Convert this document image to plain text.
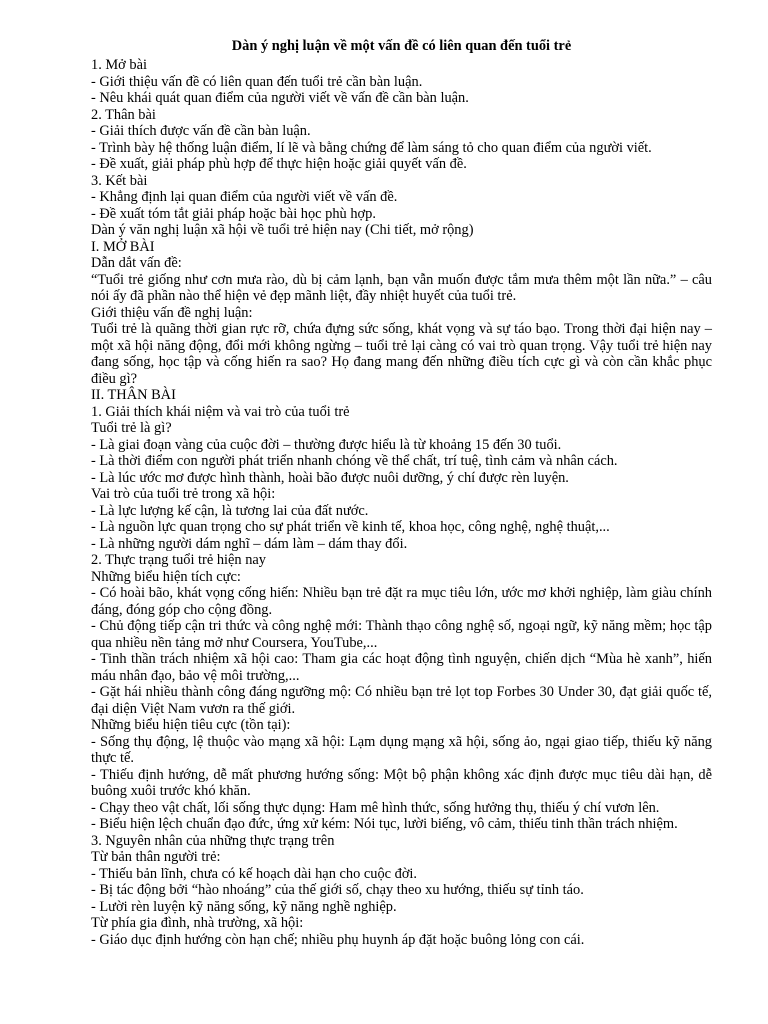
Dàn ý nghị luận về một vấn đề có liên quan đến tuổi trẻ

1. Mở bài

- Giới thiệu vấn đề có liên quan đến tuổi trẻ cần bàn luận.

- Nêu khái quát quan điểm của người viết về vấn đề cần bàn luận.

2. Thân bài

- Giải thích được vấn đề cần bàn luận.

- Trình bày hệ thống luận điểm, lí lẽ và bằng chứng để làm sáng tỏ cho quan điểm của người viết.

- Đề xuất, giải pháp phù hợp để thực hiện hoặc giải quyết vấn đề.

3. Kết bài

- Khẳng định lại quan điểm của người viết về vấn đề.

- Đề xuất tóm tắt giải pháp hoặc bài học phù hợp.

Dàn ý văn nghị luận xã hội về tuổi trẻ hiện nay (Chi tiết, mở rộng)

I. MỞ BÀI

Dẫn dắt vấn đề:

“Tuổi trẻ giống như cơn mưa rào, dù bị cảm lạnh, bạn vẫn muốn được tắm mưa thêm một lần nữa.” – câu nói ấy đã phần nào thể hiện vẻ đẹp mãnh liệt, đầy nhiệt huyết của tuổi trẻ.

Giới thiệu vấn đề nghị luận:

Tuổi trẻ là quãng thời gian rực rỡ, chứa đựng sức sống, khát vọng và sự táo bạo. Trong thời đại hiện nay – một xã hội năng động, đổi mới không ngừng – tuổi trẻ lại càng có vai trò quan trọng. Vậy tuổi trẻ hiện nay đang sống, học tập và cống hiến ra sao? Họ đang mang đến những điều tích cực gì và còn cần khắc phục điều gì?

II. THÂN BÀI

1. Giải thích khái niệm và vai trò của tuổi trẻ

Tuổi trẻ là gì?

- Là giai đoạn vàng của cuộc đời – thường được hiểu là từ khoảng 15 đến 30 tuổi.

- Là thời điểm con người phát triển nhanh chóng về thể chất, trí tuệ, tình cảm và nhân cách.

- Là lúc ước mơ được hình thành, hoài bão được nuôi dưỡng, ý chí được rèn luyện.

Vai trò của tuổi trẻ trong xã hội:

- Là lực lượng kế cận, là tương lai của đất nước.

- Là nguồn lực quan trọng cho sự phát triển về kinh tế, khoa học, công nghệ, nghệ thuật,...

- Là những người dám nghĩ – dám làm – dám thay đổi.

2. Thực trạng tuổi trẻ hiện nay

Những biểu hiện tích cực:

- Có hoài bão, khát vọng cống hiến: Nhiều bạn trẻ đặt ra mục tiêu lớn, ước mơ khởi nghiệp, làm giàu chính đáng, đóng góp cho cộng đồng.

- Chủ động tiếp cận tri thức và công nghệ mới: Thành thạo công nghệ số, ngoại ngữ, kỹ năng mềm; học tập qua nhiều nền tảng mở như Coursera, YouTube,...

- Tinh thần trách nhiệm xã hội cao: Tham gia các hoạt động tình nguyện, chiến dịch “Mùa hè xanh”, hiến máu nhân đạo, bảo vệ môi trường,...

- Gặt hái nhiều thành công đáng ngưỡng mộ: Có nhiều bạn trẻ lọt top Forbes 30 Under 30, đạt giải quốc tế, đại diện Việt Nam vươn ra thế giới.

Những biểu hiện tiêu cực (tồn tại):

- Sống thụ động, lệ thuộc vào mạng xã hội: Lạm dụng mạng xã hội, sống ảo, ngại giao tiếp, thiếu kỹ năng thực tế.

- Thiếu định hướng, dễ mất phương hướng sống: Một bộ phận không xác định được mục tiêu dài hạn, dễ buông xuôi trước khó khăn.

- Chạy theo vật chất, lối sống thực dụng: Ham mê hình thức, sống hưởng thụ, thiếu ý chí vươn lên.

- Biểu hiện lệch chuẩn đạo đức, ứng xử kém: Nói tục, lười biếng, vô cảm, thiếu tinh thần trách nhiệm.

3. Nguyên nhân của những thực trạng trên

Từ bản thân người trẻ:

- Thiếu bản lĩnh, chưa có kế hoạch dài hạn cho cuộc đời.

- Bị tác động bởi “hào nhoáng” của thế giới số, chạy theo xu hướng, thiếu sự tỉnh táo.

- Lười rèn luyện kỹ năng sống, kỹ năng nghề nghiệp.

Từ phía gia đình, nhà trường, xã hội:

- Giáo dục định hướng còn hạn chế; nhiều phụ huynh áp đặt hoặc buông lỏng con cái.
